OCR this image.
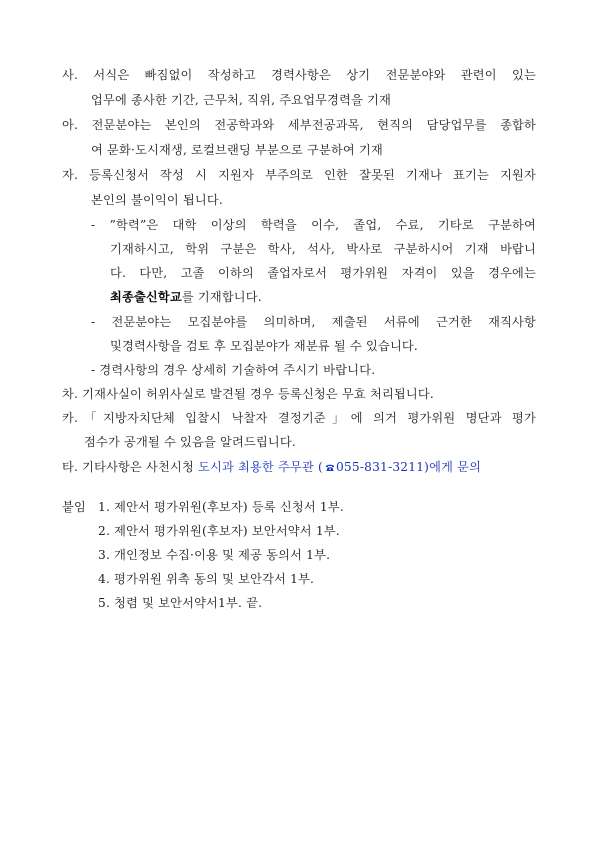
사. 서식은 빠짐없이 작성하고 경력사항은 상기 전문분야와 관련이 있는
업무에 종사한 기간, 근무처, 직위, 주요업무경력을 기재
아. 전문분야는 본인의 전공학과와 세부전공과목, 현직의 담당업무를 종합하
여 문화·도시재생, 로컬브랜딩 부분으로 구분하여 기재
자. 등록신청서 작성 시 지원자 부주의로 인한 잘못된 기재나 표기는 지원자
본인의 불이익이 됩니다.
- ”학력”은 대학 이상의 학력을 이수, 졸업, 수료, 기타로 구분하여
기재하시고, 학위 구분은 학사, 석사, 박사로 구분하시어 기재 바랍니
다. 다만, 고졸 이하의 졸업자로서 평가위원 자격이 있을 경우에는
최종출신학교를 기재합니다.
- 전문분야는 모집분야를 의미하며, 제출된 서류에 근거한 재직사항
및경력사항을 검토 후 모집분야가 재분류 될 수 있습니다.
- 경력사항의 경우 상세히 기술하여 주시기 바랍니다.
차. 기재사실이 허위사실로 발견될 경우 등록신청은 무효 처리됩니다.
카.「지방자치단체 입찰시 낙찰자 결정기준」에 의거 평가위원 명단과 평가
점수가 공개될 수 있음을 알려드립니다.
타. 기타사항은 사천시청 도시과 최용한 주무관 ( 055-831-3211)에게 문의
붙임 1. 제안서 평가위원(후보자) 등록 신청서 1부.
2. 제안서 평가위원(후보자) 보안서약서 1부.
3. 개인정보 수집·이용 및 제공 동의서 1부.
4. 평가위원 위촉 동의 및 보안각서 1부.
5. 청렴 및 보안서약서1부. 끝.
